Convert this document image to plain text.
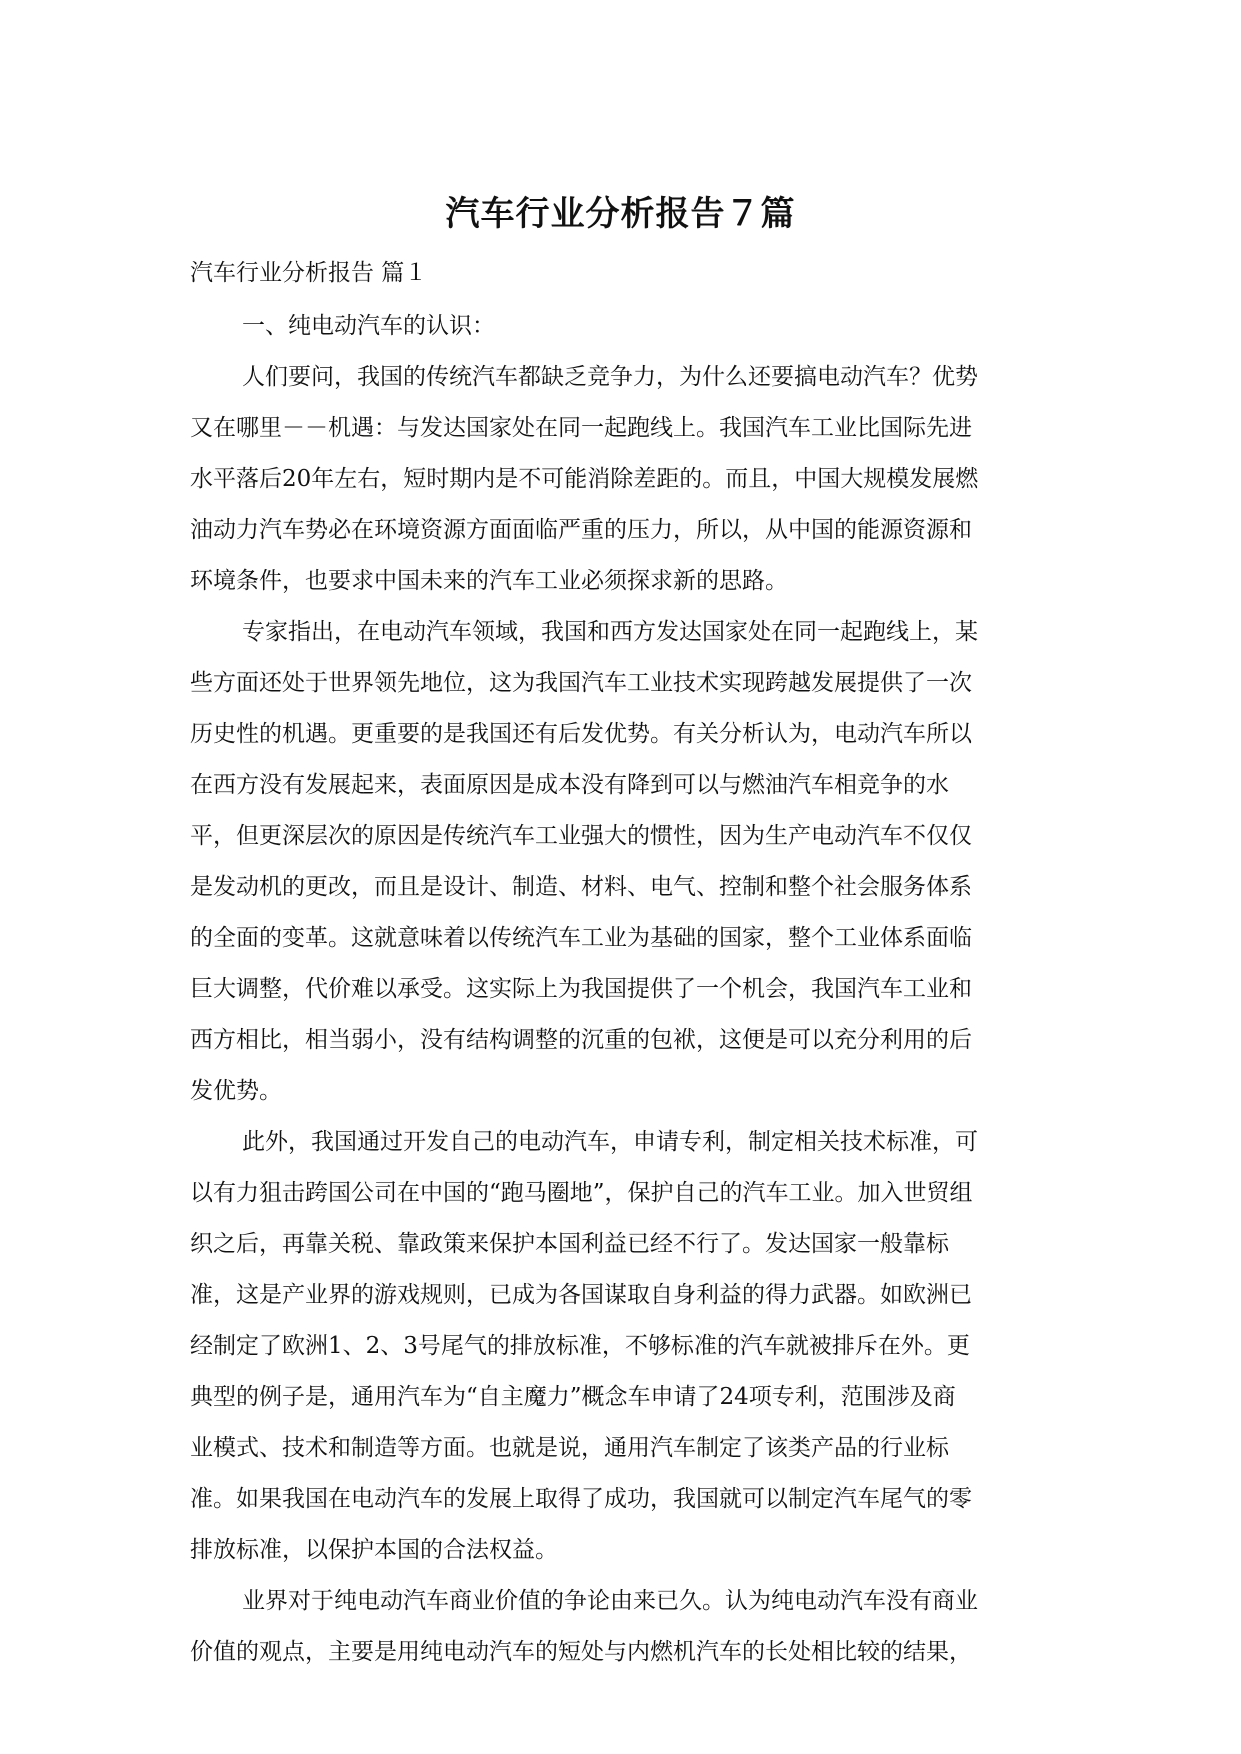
汽车行业分析报告７篇

汽车行业分析报告 篇１

一、纯电动汽车的认识：
人们要问，我国的传统汽车都缺乏竞争力，为什么还要搞电动汽车？优势
又在哪里－－机遇：与发达国家处在同一起跑线上。我国汽车工业比国际先进
水平落后20年左右，短时期内是不可能消除差距的。而且，中国大规模发展燃
油动力汽车势必在环境资源方面面临严重的压力，所以，从中国的能源资源和
环境条件，也要求中国未来的汽车工业必须探求新的思路。
专家指出，在电动汽车领域，我国和西方发达国家处在同一起跑线上，某
些方面还处于世界领先地位，这为我国汽车工业技术实现跨越发展提供了一次
历史性的机遇。更重要的是我国还有后发优势。有关分析认为，电动汽车所以
在西方没有发展起来，表面原因是成本没有降到可以与燃油汽车相竞争的水
平，但更深层次的原因是传统汽车工业强大的惯性，因为生产电动汽车不仅仅
是发动机的更改，而且是设计、制造、材料、电气、控制和整个社会服务体系
的全面的变革。这就意味着以传统汽车工业为基础的国家，整个工业体系面临
巨大调整，代价难以承受。这实际上为我国提供了一个机会，我国汽车工业和
西方相比，相当弱小，没有结构调整的沉重的包袱，这便是可以充分利用的后
发优势。
此外，我国通过开发自己的电动汽车，申请专利，制定相关技术标准，可
以有力狙击跨国公司在中国的“跑马圈地”，保护自己的汽车工业。加入世贸组
织之后，再靠关税、靠政策来保护本国利益已经不行了。发达国家一般靠标
准，这是产业界的游戏规则，已成为各国谋取自身利益的得力武器。如欧洲已
经制定了欧洲1、2、3号尾气的排放标准，不够标准的汽车就被排斥在外。更
典型的例子是，通用汽车为“自主魔力”概念车申请了24项专利，范围涉及商
业模式、技术和制造等方面。也就是说，通用汽车制定了该类产品的行业标
准。如果我国在电动汽车的发展上取得了成功，我国就可以制定汽车尾气的零
排放标准，以保护本国的合法权益。
业界对于纯电动汽车商业价值的争论由来已久。认为纯电动汽车没有商业
价值的观点，主要是用纯电动汽车的短处与内燃机汽车的长处相比较的结果，
